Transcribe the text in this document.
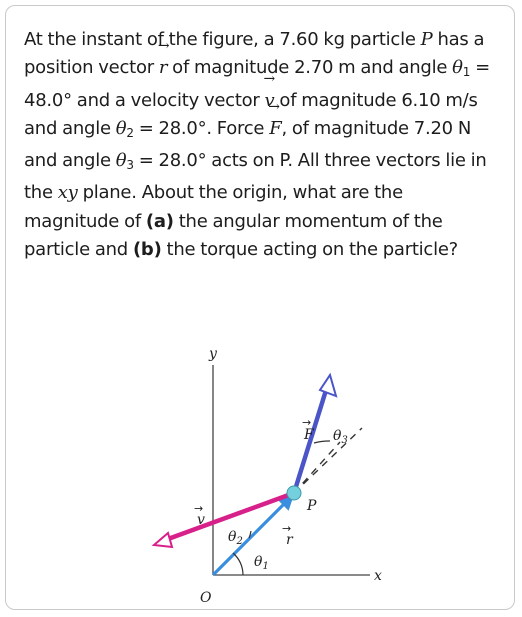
At the instant of the figure, a 7.60 kg particle P has a position vector → r of magnitude 2.70 m and angle $\theta_1 = 48.0^\circ$ and a velocity vector → v of magnitude 6.10 m/s and angle $\theta_2 = 28.0^\circ$. Force → F, of magnitude 7.20 N and angle $\theta_3 = 28.0^\circ$ acts on P. All three vectors lie in the xy plane. About the origin, what are the magnitude of (a) the angular momentum of the particle and (b) the torque acting on the particle?

y
x
O
P
r
→
v
→
F
→
$\theta_1$
$\theta_2$
$\theta_3$
